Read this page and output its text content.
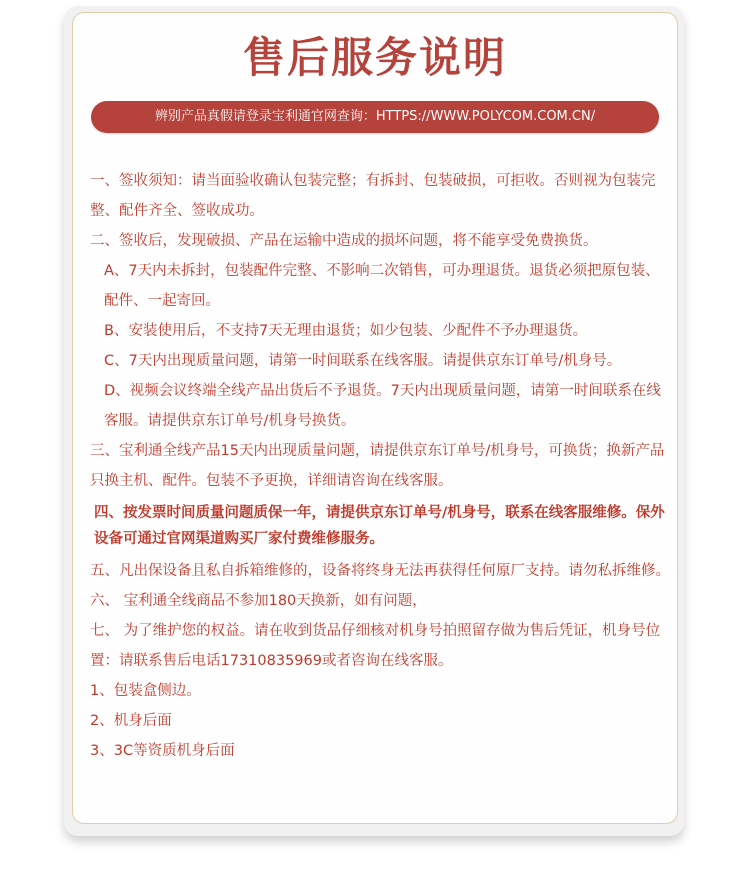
售后服务说明
辨别产品真假请登录宝利通官网查询：HTTPS://WWW.POLYCOM.COM.CN/

一、签收须知：请当面验收确认包装完整；有拆封、包装破损，可拒收。否则视为包装完整、配件齐全、签收成功。

二、签收后，发现破损、产品在运输中造成的损坏问题，将不能享受免费换货。

A、7天内未拆封，包装配件完整、不影响二次销售，可办理退货。退货必须把原包装、配件、一起寄回。

B、安装使用后，不支持7天无理由退货；如少包装、少配件不予办理退货。

C、7天内出现质量问题，请第一时间联系在线客服。请提供京东订单号/机身号。

D、视频会议终端全线产品出货后不予退货。7天内出现质量问题，请第一时间联系在线客服。请提供京东订单号/机身号换货。

三、宝利通全线产品15天内出现质量问题，请提供京东订单号/机身号，可换货；换新产品只换主机、配件。包装不予更换，详细请咨询在线客服。

四、按发票时间质量问题质保一年，请提供京东订单号/机身号，联系在线客服维修。保外设备可通过官网渠道购买厂家付费维修服务。

五、凡出保设备且私自拆箱维修的，设备将终身无法再获得任何原厂支持。请勿私拆维修。

六、 宝利通全线商品不参加180天换新，如有问题，

七、 为了维护您的权益。请在收到货品仔细核对机身号拍照留存做为售后凭证，机身号位置：请联系售后电话17310835969或者咨询在线客服。

1、包装盒侧边。

2、机身后面

3、3C等资质机身后面
